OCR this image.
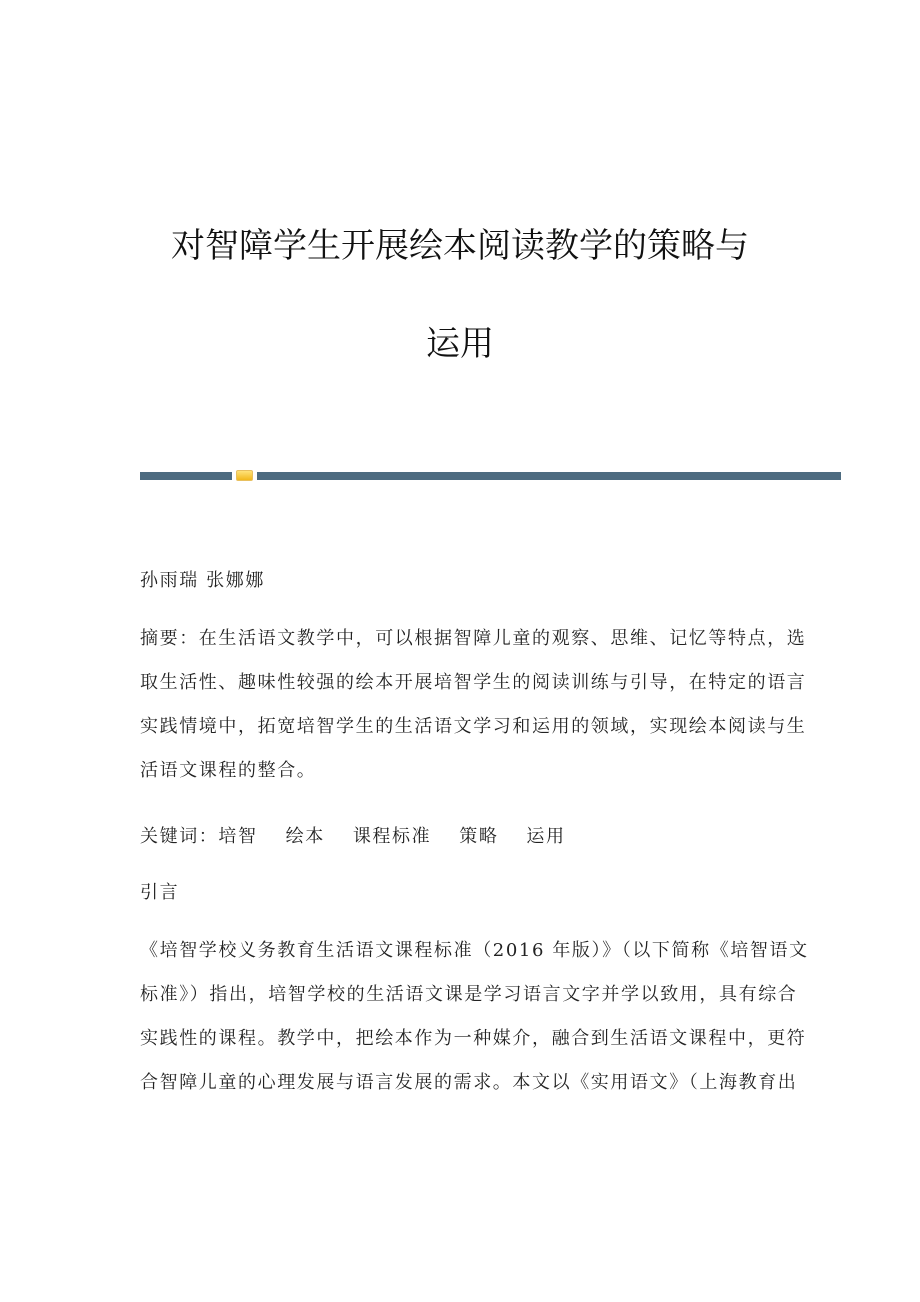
对智障学生开展绘本阅读教学的策略与
运用
孙雨瑞 张娜娜
摘要：在生活语文教学中，可以根据智障儿童的观察、思维、记忆等特点，选
取生活性、趣味性较强的绘本开展培智学生的阅读训练与引导，在特定的语言
实践情境中，拓宽培智学生的生活语文学习和运用的领域，实现绘本阅读与生
活语文课程的整合。
关键词：培智 绘本 课程标准 策略 运用
引言
《培智学校义务教育生活语文课程标准（2016 年版）》（以下简称《培智语文
标准》）指出，培智学校的生活语文课是学习语言文字并学以致用，具有综合
实践性的课程。教学中，把绘本作为一种媒介，融合到生活语文课程中，更符
合智障儿童的心理发展与语言发展的需求。本文以《实用语文》（上海教育出
